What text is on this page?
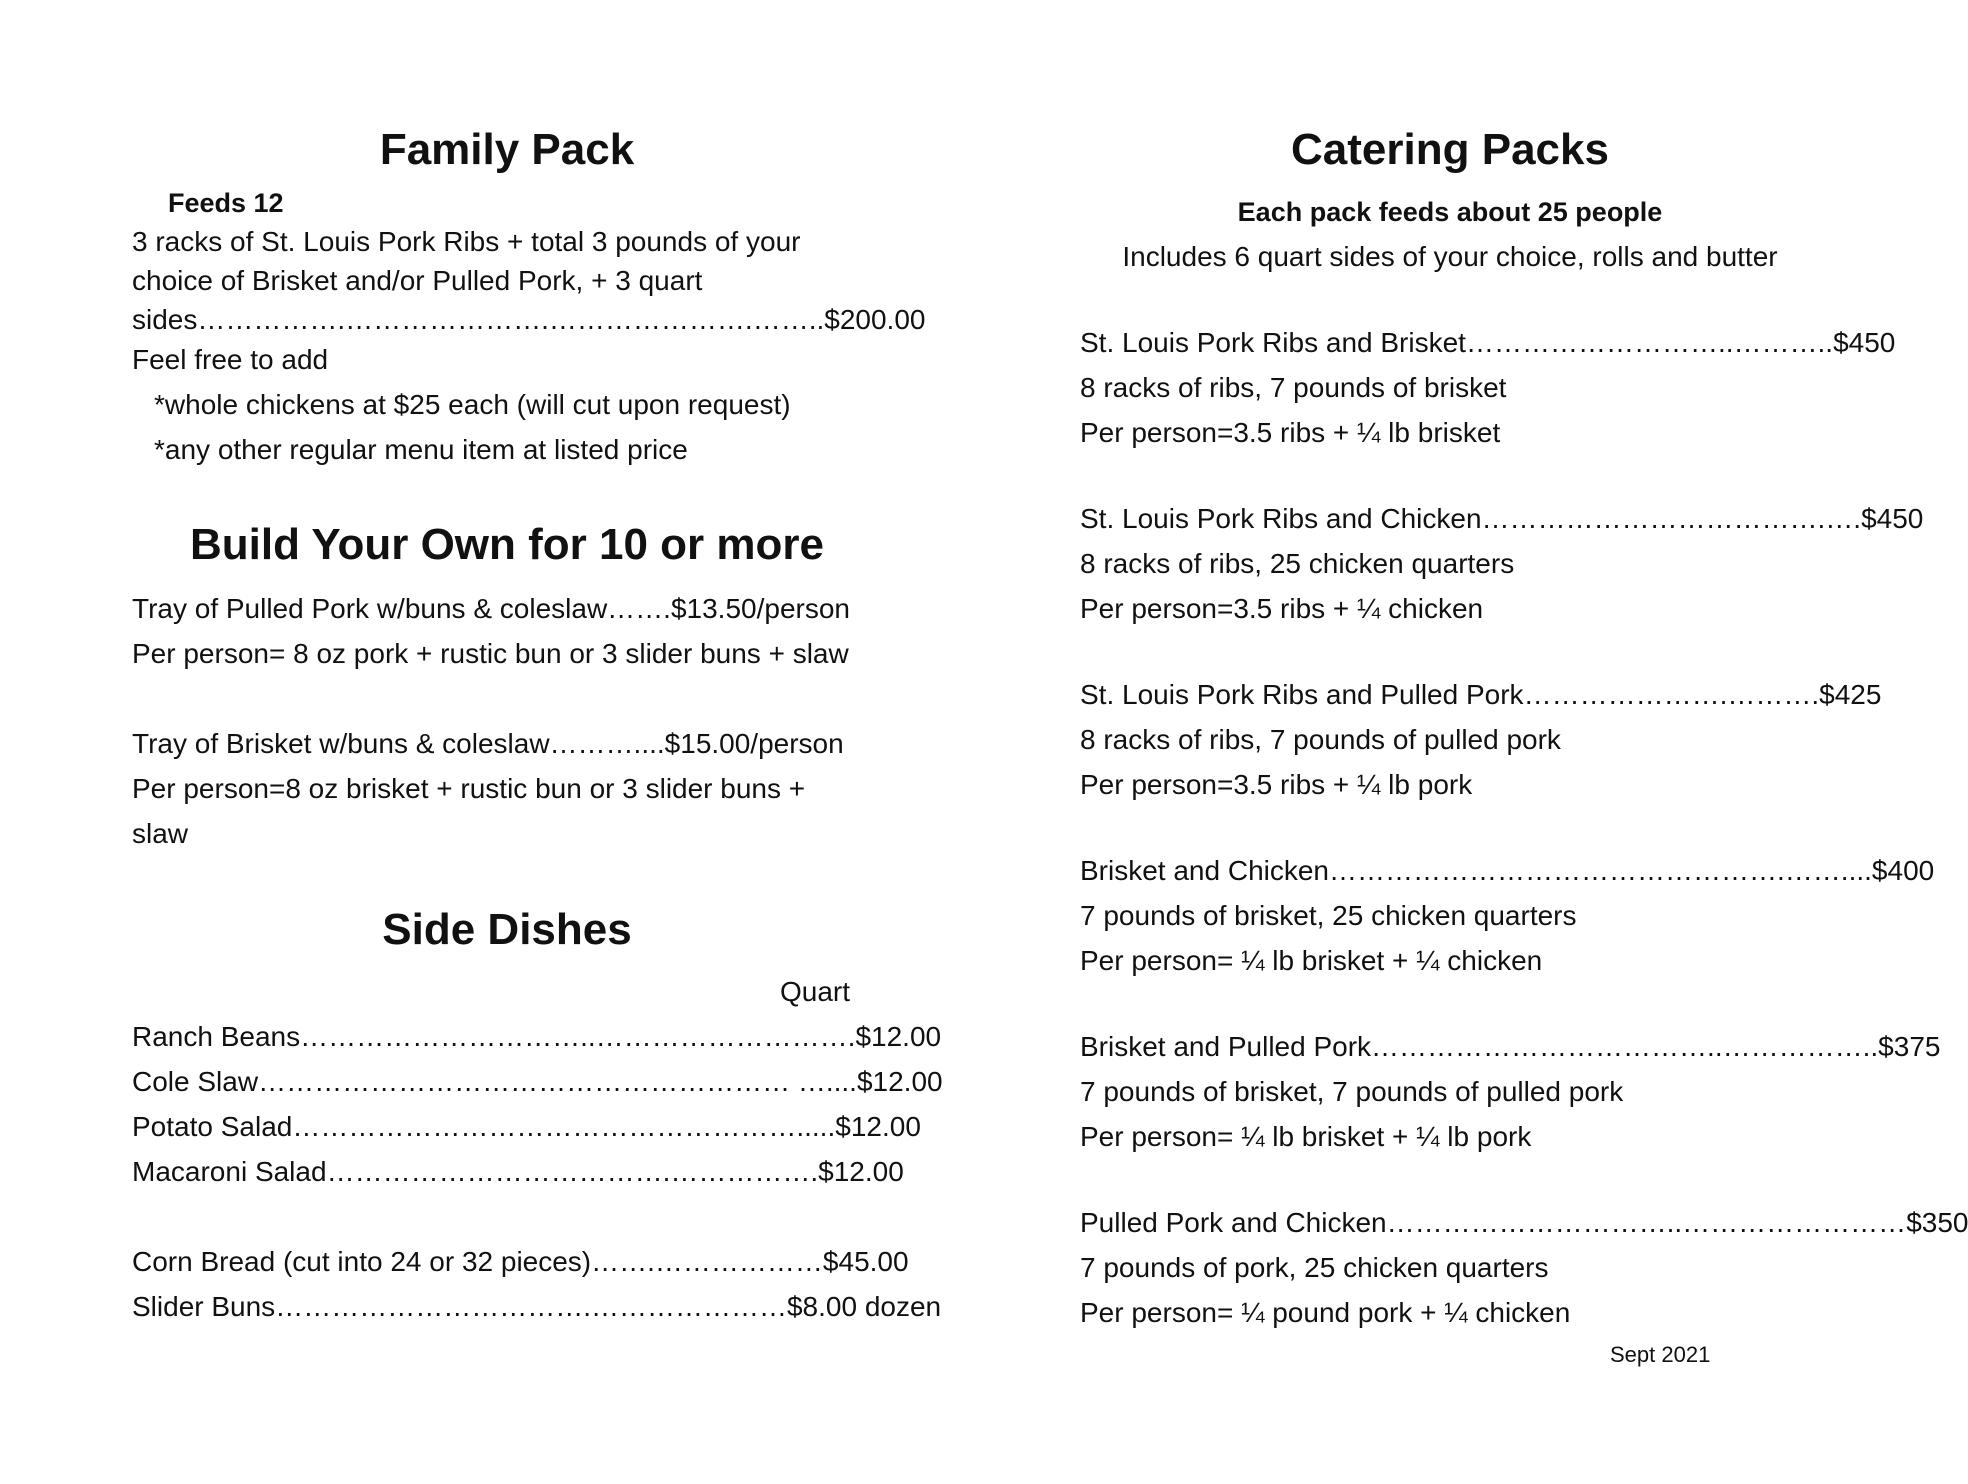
Family Pack
Feeds 12
3 racks of St. Louis Pork Ribs + total 3 pounds of your
choice of Brisket and/or Pulled Pork, + 3 quart
sides…………….………………….………………….……..$200.00
Feel free to add
*whole chickens at $25 each (will cut upon request)
*any other regular menu item at listed price
Build Your Own for 10 or more
Tray of Pulled Pork w/buns & coleslaw…….$13.50/person
Per person= 8 oz pork + rustic bun or 3 slider buns + slaw
Tray of Brisket w/buns & coleslaw………....$15.00/person
Per person=8 oz brisket + rustic bun or 3 slider buns +
slaw
Side Dishes
Quart
Ranch Beans …………………………..………………………. $12.00
Cole Slaw ………………………………………………… ….... $12.00
Potato Salad ………………………………………………..... $12.00
Macaroni Salad ……………………………….……………. $12.00
Corn Bread (cut into 24 or 32 pieces) …….……………… $45.00
Slider Buns …………………………….………………… $8.00 dozen
Catering Packs
Each pack feeds about 25 people
Includes 6 quart sides of your choice, rolls and butter
St. Louis Pork Ribs and Brisket ………………………..……….. $450
8 racks of ribs, 7 pounds of brisket
Per person=3.5 ribs + ¼ lb brisket
St. Louis Pork Ribs and Chicken ……………………………….…. $450
8 racks of ribs, 25 chicken quarters
Per person=3.5 ribs + ¼ chicken
St. Louis Pork Ribs and Pulled Pork ………………….………. $425
8 racks of ribs, 7 pounds of pulled pork
Per person=3.5 ribs + ¼ lb pork
Brisket and Chicken ………………………………………….…….... $400
7 pounds of brisket, 25 chicken quarters
Per person= ¼ lb brisket + ¼ chicken
Brisket and Pulled Pork ………………………………..…………….. $375
7 pounds of brisket, 7 pounds of pulled pork
Per person= ¼ lb brisket + ¼ lb pork
Pulled Pork and Chicken …………………………..…………………… $350
7 pounds of pork, 25 chicken quarters
Per person= ¼ pound pork + ¼ chicken
Sept 2021
